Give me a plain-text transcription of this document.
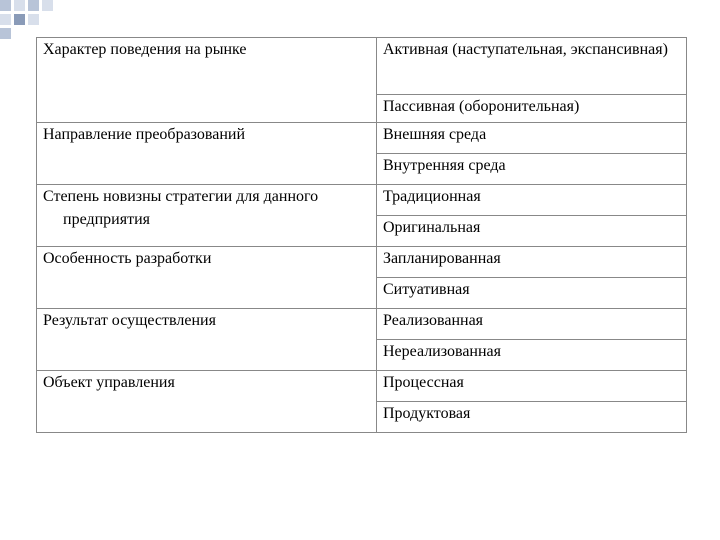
Характер поведения на рынке	Активная (наступательная, экспансивная)
	Пассивная (оборонительная)
Направление преобразований	Внешняя среда
	Внутренняя среда
Степень новизны стратегии для данного предприятия	Традиционная
	Оригинальная
Особенность разработки	Запланированная
	Ситуативная
Результат осуществления	Реализованная
	Нереализованная
Объект управления	Процессная
	Продуктовая
